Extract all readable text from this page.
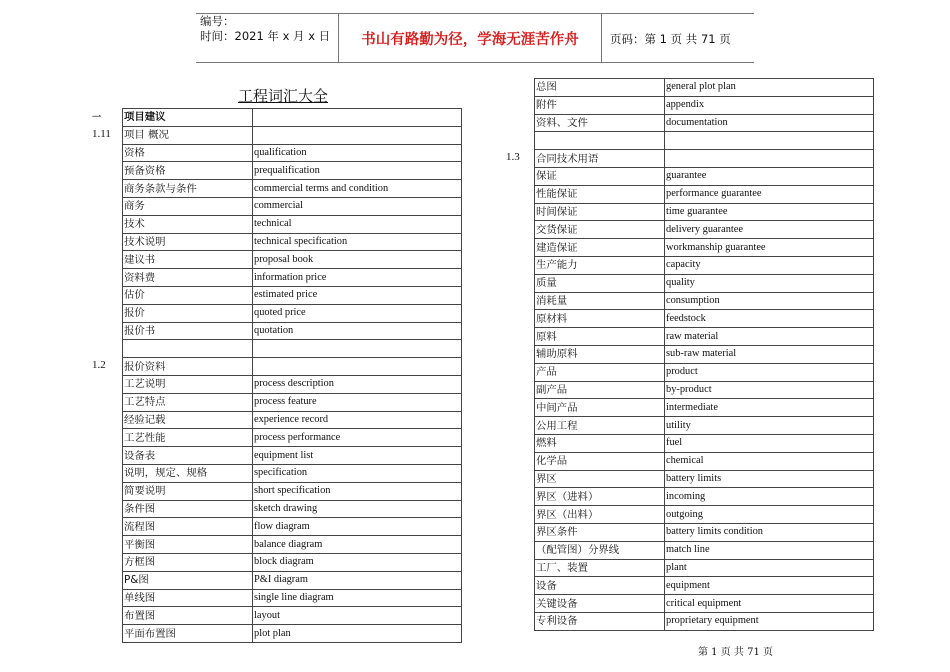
编号：
时间：2021 年 x 月 x 日	书山有路勤为径，学海无涯苦作舟	页码：第 1 页 共 71 页
工程词汇大全
项目建议	
项目 概况	
资格	qualification
预备资格	prequalification
商务条款与条件	commercial terms and condition
商务	commercial
技术	technical
技术说明	technical specification
建议书	proposal book
资料费	information price
估价	estimated price
报价	quoted price
报价书	quotation

报价资料	
工艺说明	process description
工艺特点	process feature
经验记载	experience record
工艺性能	process performance
设备表	equipment list
说明，规定、规格	specification
简要说明	short specification
条件图	sketch drawing
流程图	flow diagram
平衡图	balance diagram
方框图	block diagram
P&图	P&I diagram
单线图	single line diagram
布置图	layout
平面布置图	plot plan
一
1.11
1.2
总图	general plot plan
附件	appendix
资料、文件	documentation

合同技术用语	
保证	guarantee
性能保证	performance guarantee
时间保证	time guarantee
交货保证	delivery guarantee
建造保证	workmanship guarantee
生产能力	capacity
质量	quality
消耗量	consumption
原材料	feedstock
原料	raw material
辅助原料	sub-raw material
产品	product
副产品	by-product
中间产品	intermediate
公用工程	utility
燃料	fuel
化学品	chemical
界区	battery limits
界区（进料）	incoming
界区（出料）	outgoing
界区条件	battery limits condition
（配管图）分界线	match line
工厂、装置	plant
设备	equipment
关键设备	critical equipment
专利设备	proprietary equipment
1.3
第 1 页 共 71 页
